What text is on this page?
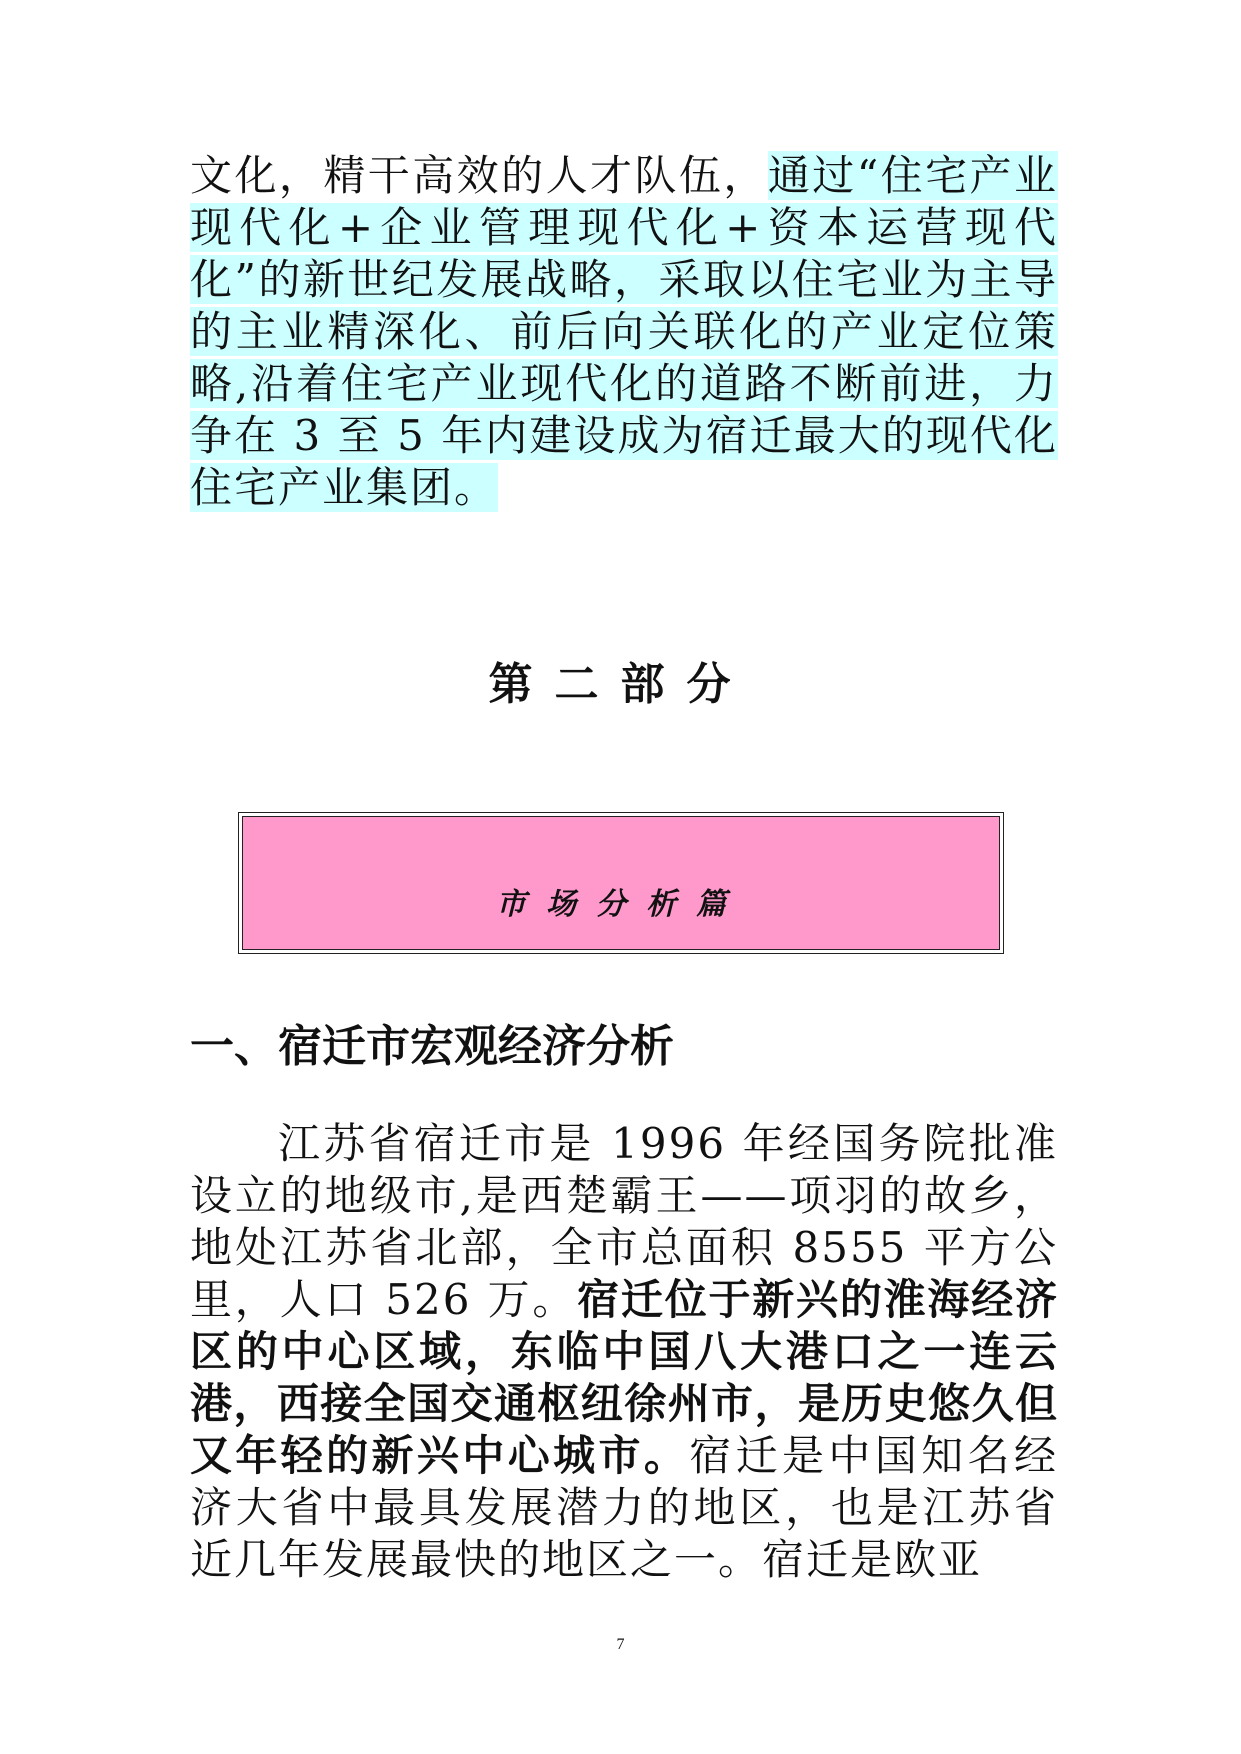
文化，精干高效的人才队伍，通过“住宅产业现代化+企业管理现代化+资本运营现代化”的新世纪发展战略，采取以住宅业为主导的主业精深化、前后向关联化的产业定位策略,沿着住宅产业现代化的道路不断前进，力争在 3 至 5 年内建设成为宿迁最大的现代化住宅产业集团。

第二部分
市场分析篇
一、宿迁市宏观经济分析

江苏省宿迁市是 1996 年经国务院批准设立的地级市,是西楚霸王——项羽的故乡，地处江苏省北部，全市总面积 8555 平方公里，人口 526 万。宿迁位于新兴的淮海经济区的中心区域，东临中国八大港口之一连云港，西接全国交通枢纽徐州市，是历史悠久但又年轻的新兴中心城市。宿迁是中国知名经济大省中最具发展潜力的地区，也是江苏省近几年发展最快的地区之一。宿迁是欧亚

7
